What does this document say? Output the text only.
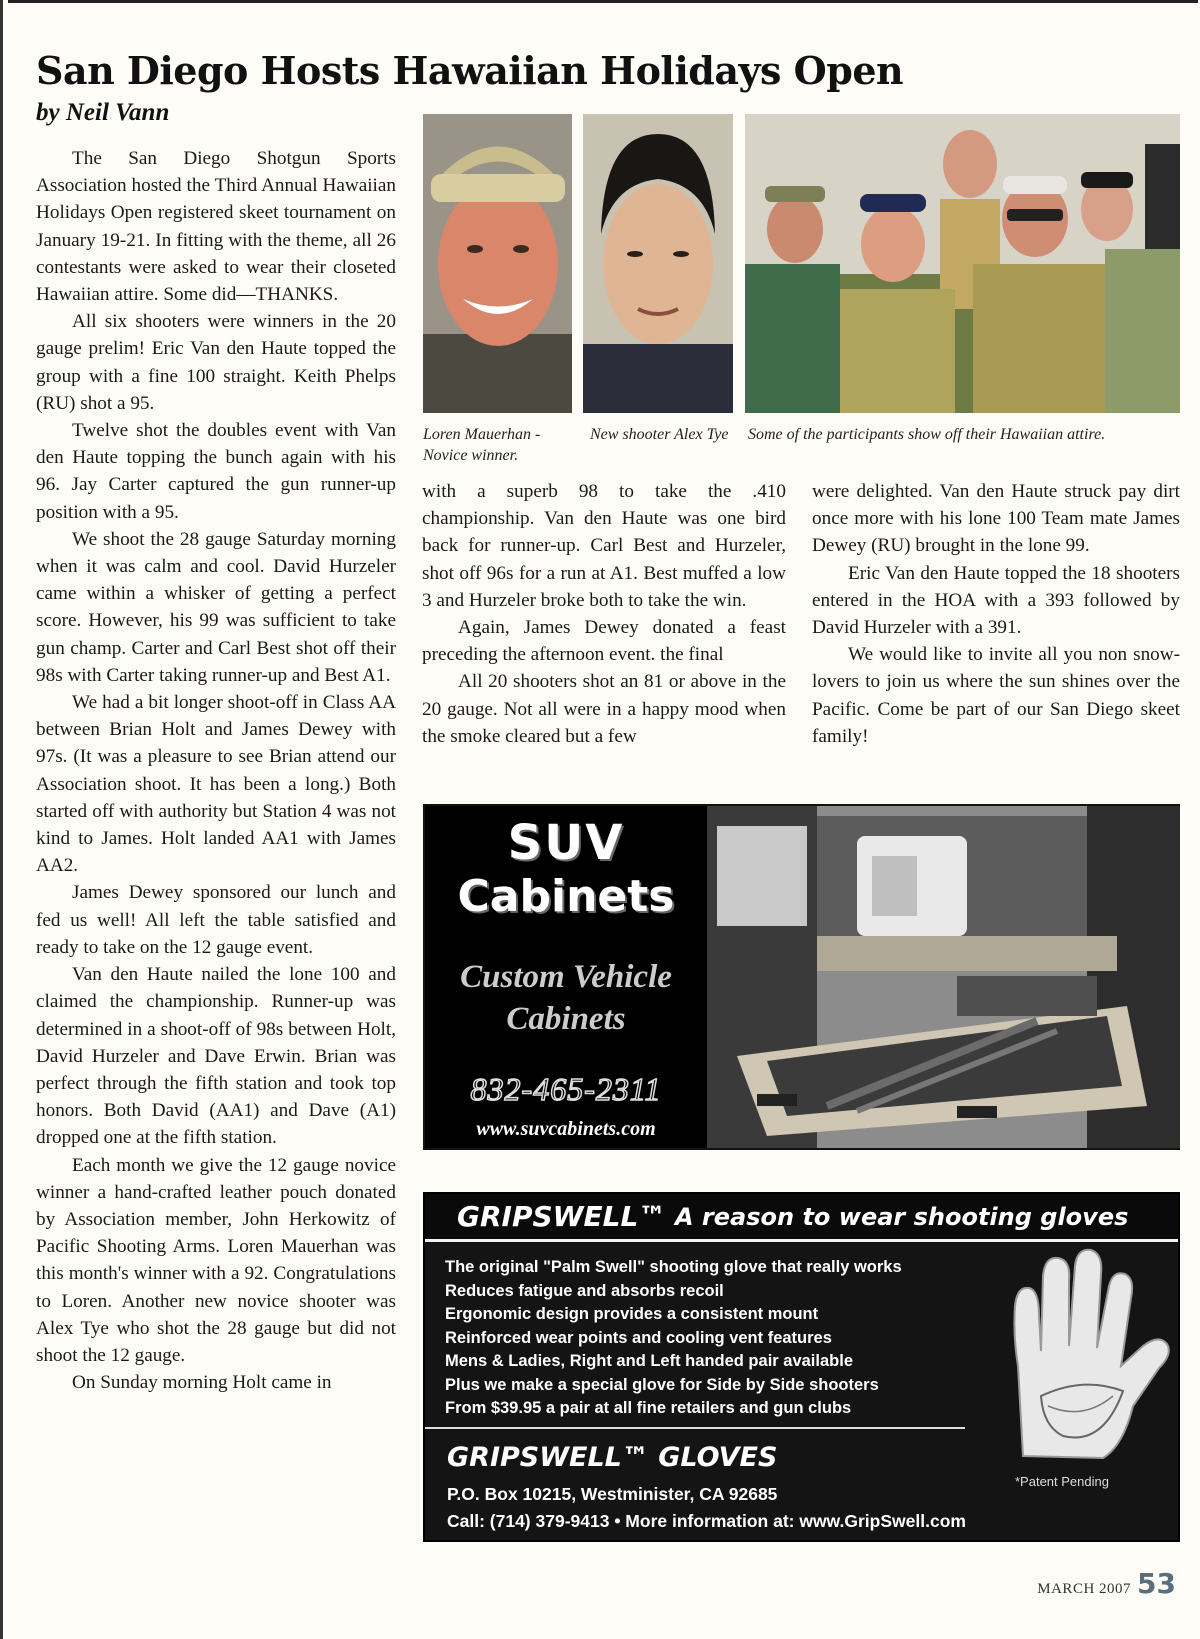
San Diego Hosts Hawaiian Holidays Open
by Neil Vann

The San Diego Shotgun Sports Association hosted the Third Annual Hawaiian Holidays Open registered skeet tournament on January 19-21. In fitting with the theme, all 26 contestants were asked to wear their closeted Hawaiian attire. Some did—THANKS.

All six shooters were winners in the 20 gauge prelim! Eric Van den Haute topped the group with a fine 100 straight. Keith Phelps (RU) shot a 95.

Twelve shot the doubles event with Van den Haute topping the bunch again with his 96. Jay Carter captured the gun runner-up position with a 95.

We shoot the 28 gauge Saturday morning when it was calm and cool. David Hurzeler came within a whisker of getting a perfect score. However, his 99 was sufficient to take gun champ. Carter and Carl Best shot off their 98s with Carter taking runner-up and Best A1.

We had a bit longer shoot-off in Class AA between Brian Holt and James Dewey with 97s. (It was a pleasure to see Brian attend our Association shoot. It has been a long.) Both started off with authority but Station 4 was not kind to James. Holt landed AA1 with James AA2.

James Dewey sponsored our lunch and fed us well! All left the table satisfied and ready to take on the 12 gauge event.

Van den Haute nailed the lone 100 and claimed the championship. Runner-up was determined in a shoot-off of 98s between Holt, David Hurzeler and Dave Erwin. Brian was perfect through the fifth station and took top honors. Both David (AA1) and Dave (A1) dropped one at the fifth station.

Each month we give the 12 gauge novice winner a hand-crafted leather pouch donated by Association member, John Herkowitz of Pacific Shooting Arms. Loren Mauerhan was this month's winner with a 92. Congratulations to Loren. Another new novice shooter was Alex Tye who shot the 28 gauge but did not shoot the 12 gauge.

On Sunday morning Holt came in

Loren Mauerhan - Novice winner.
New shooter Alex Tye	Some of the participants show off their Hawaiian attire.

with a superb 98 to take the .410 championship. Van den Haute was one bird back for runner-up. Carl Best and Hurzeler, shot off 96s for a run at A1. Best muffed a low 3 and Hurzeler broke both to take the win.

Again, James Dewey donated a feast preceding the afternoon event. the final

All 20 shooters shot an 81 or above in the 20 gauge. Not all were in a happy mood when the smoke cleared but a few

were delighted. Van den Haute struck pay dirt once more with his lone 100 Team mate James Dewey (RU) brought in the lone 99.

Eric Van den Haute topped the 18 shooters entered in the HOA with a 393 followed by David Hurzeler with a 391.

We would like to invite all you non snow-lovers to join us where the sun shines over the Pacific. Come be part of our San Diego skeet family!

SUV
Cabinets
Custom Vehicle
Cabinets
832-465-2311
www.suvcabinets.com
GRIPSWELL™ A reason to wear shooting gloves
The original "Palm Swell" shooting glove that really works
Reduces fatigue and absorbs recoil
Ergonomic design provides a consistent mount
Reinforced wear points and cooling vent features
Mens & Ladies, Right and Left handed pair available
Plus we make a special glove for Side by Side shooters
From $39.95 a pair at all fine retailers and gun clubs
GRIPSWELL™ GLOVES
P.O. Box 10215, Westminister, CA 92685
Call: (714) 379-9413 • More information at: www.GripSwell.com
*Patent Pending
MARCH 2007 53
